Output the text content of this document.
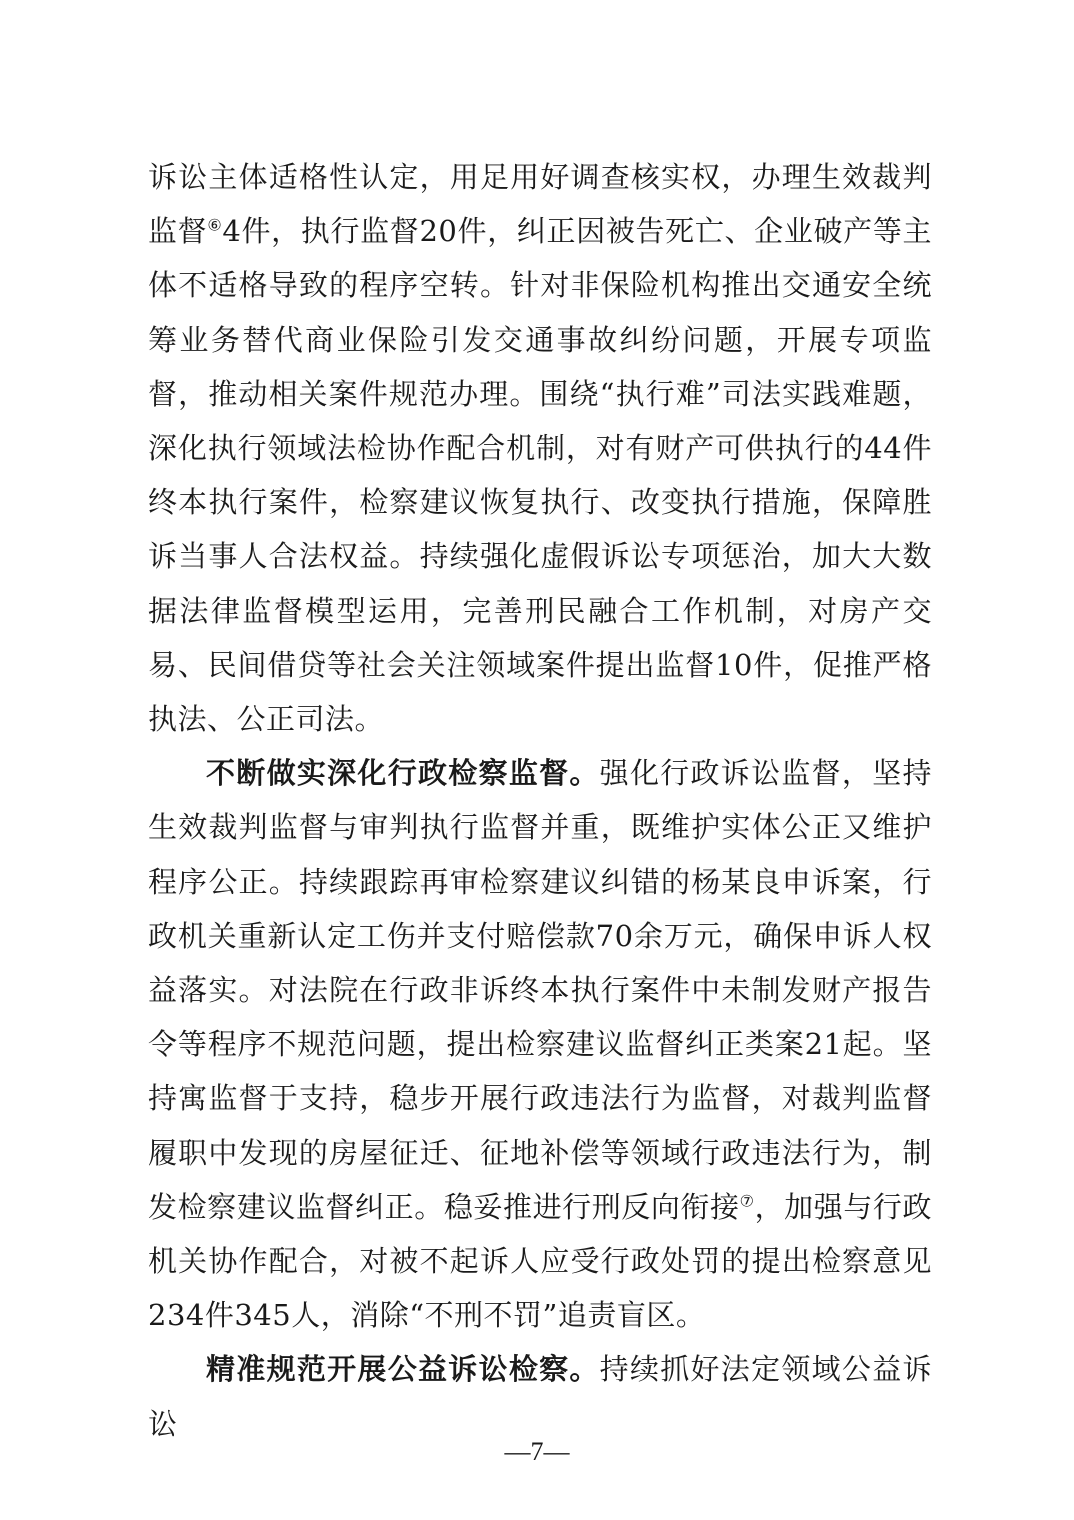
诉讼主体适格性认定，用足用好调查核实权，办理生效裁判监督⑥4件，执行监督20件，纠正因被告死亡、企业破产等主体不适格导致的程序空转。针对非保险机构推出交通安全统筹业务替代商业保险引发交通事故纠纷问题，开展专项监督，推动相关案件规范办理。围绕“执行难”司法实践难题，深化执行领域法检协作配合机制，对有财产可供执行的44件终本执行案件，检察建议恢复执行、改变执行措施，保障胜诉当事人合法权益。持续强化虚假诉讼专项惩治，加大大数据法律监督模型运用，完善刑民融合工作机制，对房产交易、民间借贷等社会关注领域案件提出监督10件，促推严格执法、公正司法。

不断做实深化行政检察监督。强化行政诉讼监督，坚持生效裁判监督与审判执行监督并重，既维护实体公正又维护程序公正。持续跟踪再审检察建议纠错的杨某良申诉案，行政机关重新认定工伤并支付赔偿款70余万元，确保申诉人权益落实。对法院在行政非诉终本执行案件中未制发财产报告令等程序不规范问题，提出检察建议监督纠正类案21起。坚持寓监督于支持，稳步开展行政违法行为监督，对裁判监督履职中发现的房屋征迁、征地补偿等领域行政违法行为，制发检察建议监督纠正。稳妥推进行刑反向衔接⑦，加强与行政机关协作配合，对被不起诉人应受行政处罚的提出检察意见234件345人，消除“不刑不罚”追责盲区。

精准规范开展公益诉讼检察。持续抓好法定领域公益诉讼

—7—
